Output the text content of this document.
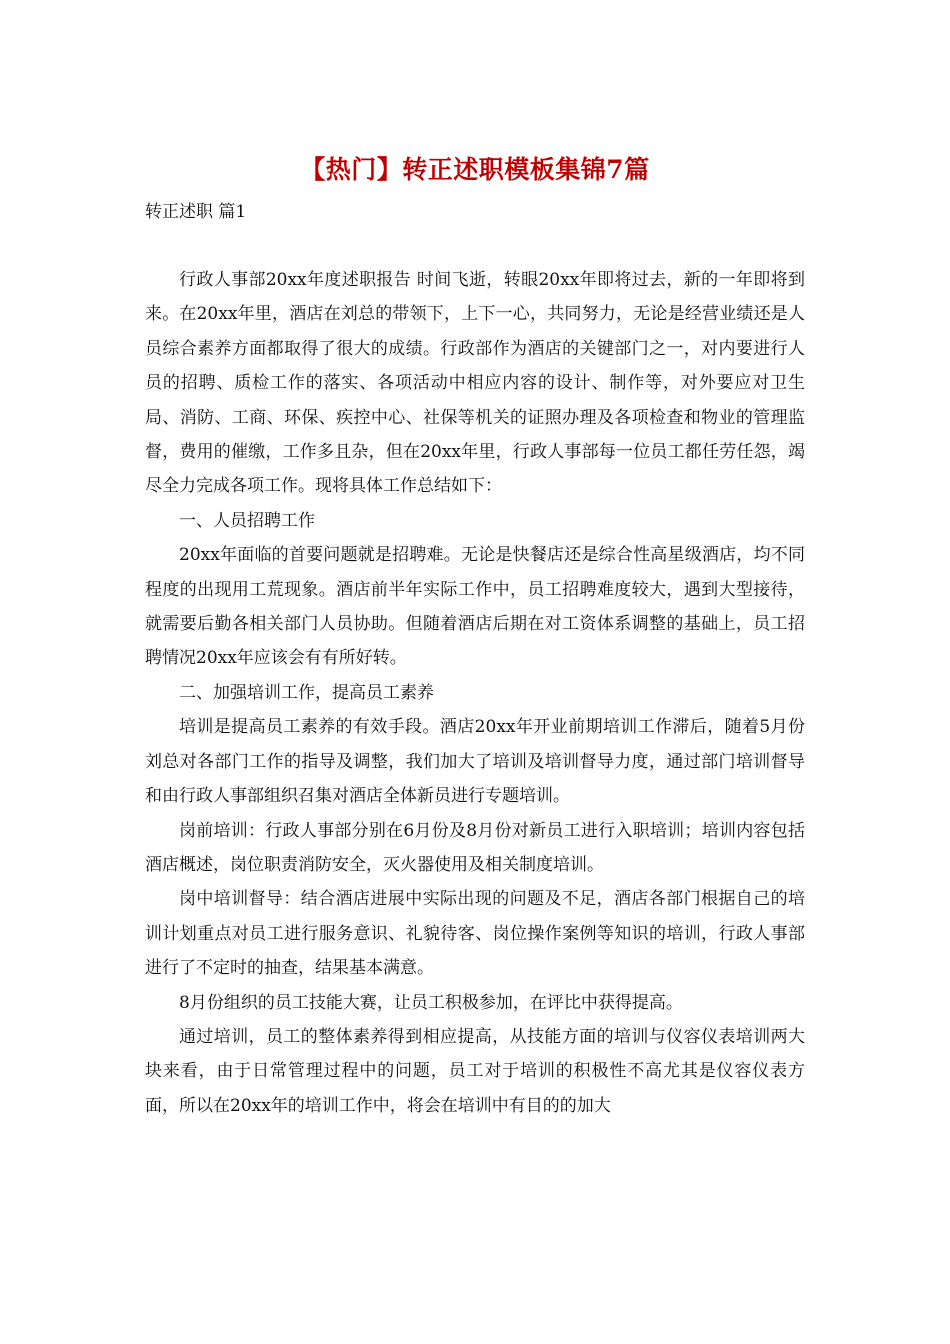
【热门】转正述职模板集锦7篇
转正述职 篇1

行政人事部20xx年度述职报告 时间飞逝，转眼20xx年即将过去，新的一年即将到来。在20xx年里，酒店在刘总的带领下，上下一心，共同努力，无论是经营业绩还是人员综合素养方面都取得了很大的成绩。行政部作为酒店的关键部门之一，对内要进行人员的招聘、质检工作的落实、各项活动中相应内容的设计、制作等，对外要应对卫生局、消防、工商、环保、疾控中心、社保等机关的证照办理及各项检查和物业的管理监督，费用的催缴，工作多且杂，但在20xx年里，行政人事部每一位员工都任劳任怨，竭尽全力完成各项工作。现将具体工作总结如下：

一、人员招聘工作

20xx年面临的首要问题就是招聘难。无论是快餐店还是综合性高星级酒店，均不同程度的出现用工荒现象。酒店前半年实际工作中，员工招聘难度较大，遇到大型接待，就需要后勤各相关部门人员协助。但随着酒店后期在对工资体系调整的基础上，员工招聘情况20xx年应该会有有所好转。

二、加强培训工作，提高员工素养

培训是提高员工素养的有效手段。酒店20xx年开业前期培训工作滞后，随着5月份刘总对各部门工作的指导及调整，我们加大了培训及培训督导力度，通过部门培训督导和由行政人事部组织召集对酒店全体新员进行专题培训。

岗前培训：行政人事部分别在6月份及8月份对新员工进行入职培训；培训内容包括酒店概述，岗位职责消防安全，灭火器使用及相关制度培训。

岗中培训督导：结合酒店进展中实际出现的问题及不足，酒店各部门根据自己的培训计划重点对员工进行服务意识、礼貌待客、岗位操作案例等知识的培训，行政人事部进行了不定时的抽查，结果基本满意。

8月份组织的员工技能大赛，让员工积极参加，在评比中获得提高。

通过培训，员工的整体素养得到相应提高，从技能方面的培训与仪容仪表培训两大块来看，由于日常管理过程中的问题，员工对于培训的积极性不高尤其是仪容仪表方面，所以在20xx年的培训工作中，将会在培训中有目的的加大
